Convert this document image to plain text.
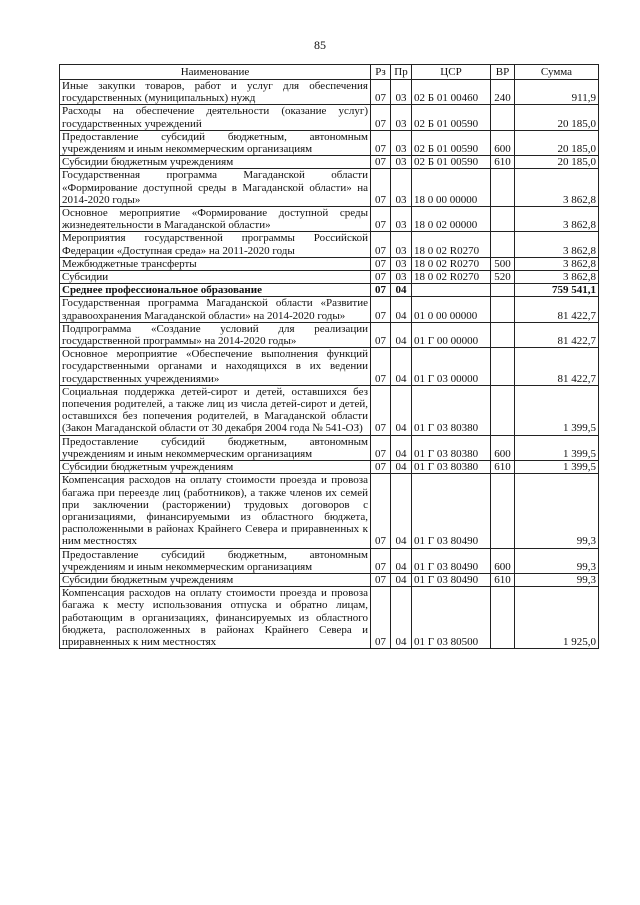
85
Наименование	Рз	Пр	ЦСР	ВР	Сумма
Иные закупки товаров, работ и услуг для обеспечения государственных (муниципальных) нужд	07	03	02 Б 01 00460	240	911,9
Расходы на обеспечение деятельности (оказание услуг) государственных учреждений	07	03	02 Б 01 00590		20 185,0
Предоставление субсидий бюджетным, автономным учреждениям и иным некоммерческим организациям	07	03	02 Б 01 00590	600	20 185,0
Субсидии бюджетным учреждениям	07	03	02 Б 01 00590	610	20 185,0
Государственная программа Магаданской области «Формирование доступной среды в Магаданской области» на 2014-2020 годы»	07	03	18 0 00 00000		3 862,8
Основное мероприятие «Формирование доступной среды жизнедеятельности в Магаданской области»	07	03	18 0 02 00000		3 862,8
Мероприятия государственной программы Российской Федерации «Доступная среда» на 2011-2020 годы	07	03	18 0 02 R0270		3 862,8
Межбюджетные трансферты	07	03	18 0 02 R0270	500	3 862,8
Субсидии	07	03	18 0 02 R0270	520	3 862,8
Среднее профессиональное образование	07	04			759 541,1
Государственная программа Магаданской области «Развитие здравоохранения Магаданской области» на 2014-2020 годы»	07	04	01 0 00 00000		81 422,7
Подпрограмма «Создание условий для реализации государственной программы» на 2014-2020 годы»	07	04	01 Г 00 00000		81 422,7
Основное мероприятие «Обеспечение выполнения функций государственными органами и находящихся в их ведении государственных учреждениями»	07	04	01 Г 03 00000		81 422,7
Социальная поддержка детей-сирот и детей, оставшихся без попечения родителей, а также лиц из числа детей-сирот и детей, оставшихся без попечения родителей, в Магаданской области (Закон Магаданской области от 30 декабря 2004 года № 541-ОЗ)	07	04	01 Г 03 80380		1 399,5
Предоставление субсидий бюджетным, автономным учреждениям и иным некоммерческим организациям	07	04	01 Г 03 80380	600	1 399,5
Субсидии бюджетным учреждениям	07	04	01 Г 03 80380	610	1 399,5
Компенсация расходов на оплату стоимости проезда и провоза багажа при переезде лиц (работников), а также членов их семей при заключении (расторжении) трудовых договоров с организациями, финансируемыми из областного бюджета, расположенными в районах Крайнего Севера и приравненных к ним местностях	07	04	01 Г 03 80490		99,3
Предоставление субсидий бюджетным, автономным учреждениям и иным некоммерческим организациям	07	04	01 Г 03 80490	600	99,3
Субсидии бюджетным учреждениям	07	04	01 Г 03 80490	610	99,3
Компенсация расходов на оплату стоимости проезда и провоза багажа к месту использования отпуска и обратно лицам, работающим в организациях, финансируемых из областного бюджета, расположенных в районах Крайнего Севера и приравненных к ним местностях	07	04	01 Г 03 80500		1 925,0
